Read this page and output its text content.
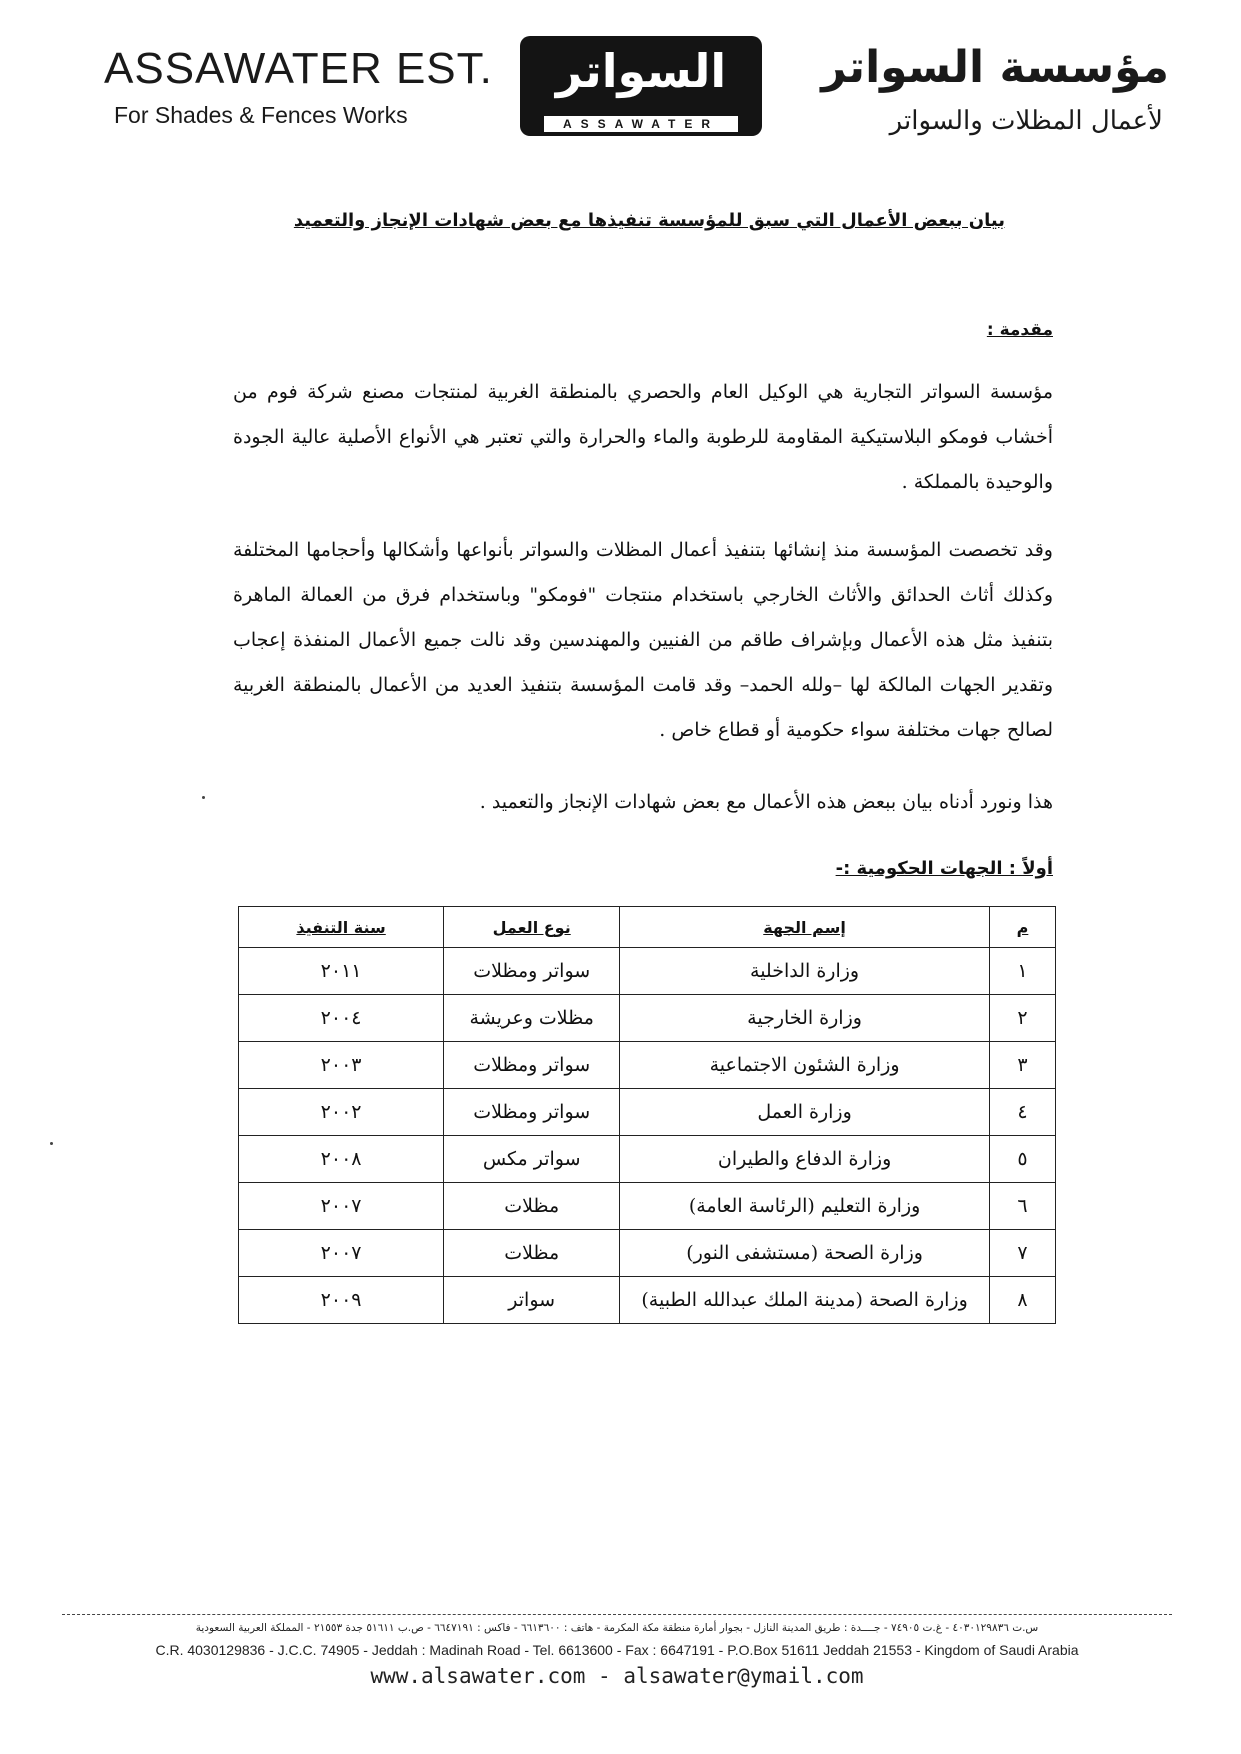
ASSAWATER EST.
For Shades & Fences Works
السواتر
ASSAWATER
مؤسسة السواتر
لأعمال المظلات والسواتر
بيان ببعض الأعمال التي سبق للمؤسسة تنفيذها مع بعض شهادات الإنجاز والتعميد
مقدمة :
مؤسسة السواتر التجارية هي الوكيل العام والحصري بالمنطقة الغربية لمنتجات مصنع شركة فوم من أخشاب فومكو البلاستيكية المقاومة للرطوبة والماء والحرارة والتي تعتبر هي الأنواع الأصلية عالية الجودة والوحيدة بالمملكة .
وقد تخصصت المؤسسة منذ إنشائها بتنفيذ أعمال المظلات والسواتر بأنواعها وأشكالها وأحجامها المختلفة وكذلك أثاث الحدائق والأثاث الخارجي باستخدام منتجات "فومكو" وباستخدام فرق من العمالة الماهرة بتنفيذ مثل هذه الأعمال وبإشراف طاقم من الفنيين والمهندسين وقد نالت جميع الأعمال المنفذة إعجاب وتقدير الجهات المالكة لها –ولله الحمد– وقد قامت المؤسسة بتنفيذ العديد من الأعمال بالمنطقة الغربية لصالح جهات مختلفة سواء حكومية أو قطاع خاص .
هذا ونورد أدناه بيان ببعض هذه الأعمال مع بعض شهادات الإنجاز والتعميد .
أولاً : الجهات الحكومية :-
م	إسم الجهة	نوع العمل	سنة التنفيذ
١	وزارة الداخلية	سواتر ومظلات	٢٠١١
٢	وزارة الخارجية	مظلات وعريشة	٢٠٠٤
٣	وزارة الشئون الاجتماعية	سواتر ومظلات	٢٠٠٣
٤	وزارة العمل	سواتر ومظلات	٢٠٠٢
٥	وزارة الدفاع والطيران	سواتر مكس	٢٠٠٨
٦	وزارة التعليم (الرئاسة العامة)	مظلات	٢٠٠٧
٧	وزارة الصحة (مستشفى النور)	مظلات	٢٠٠٧
٨	وزارة الصحة (مدينة الملك عبدالله الطبية)	سواتر	٢٠٠٩
س.ت ٤٠٣٠١٢٩٨٣٦ - غ.ت ٧٤٩٠٥ - جــــدة : طريق المدينة النازل - بجوار أمارة منطقة مكة المكرمة - هاتف : ٦٦١٣٦٠٠ - فاكس : ٦٦٤٧١٩١ - ص.ب ٥١٦١١ جدة ٢١٥٥٣ - المملكة العربية السعودية
C.R. 4030129836 - J.C.C. 74905 - Jeddah : Madinah Road - Tel. 6613600 - Fax : 6647191 - P.O.Box 51611 Jeddah 21553 - Kingdom of Saudi Arabia
www.alsawater.com - alsawater@ymail.com
